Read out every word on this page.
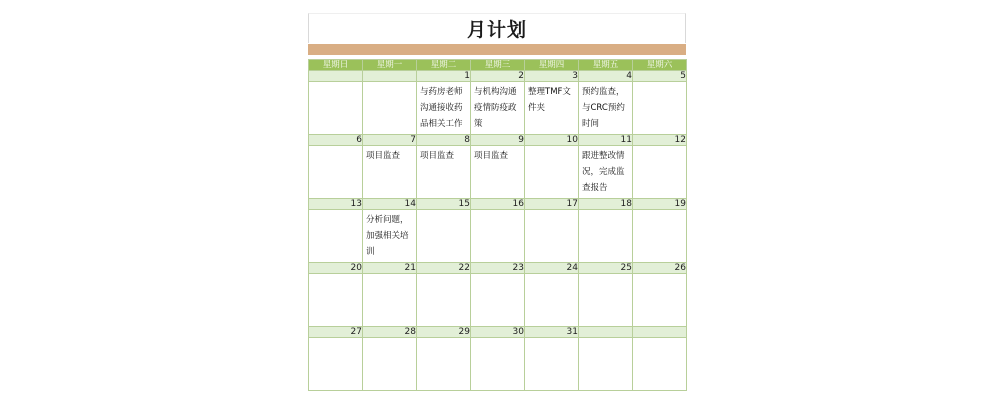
月计划
星期日	星期一	星期二	星期三	星期四	星期五	星期六
		1	2	3	4	5

		与药房老师沟通接收药品相关工作	与机构沟通疫情防疫政策	整理TMF文件夹	预约监查，与CRC预约时间	

6	7	8	9	10	11	12

	项目监查	项目监查	项目监查		跟进整改情况，完成监查报告	

13	14	15	16	17	18	19

	分析问题，加强相关培训					

20	21	22	23	24	25	26

27	28	29	30	31		
